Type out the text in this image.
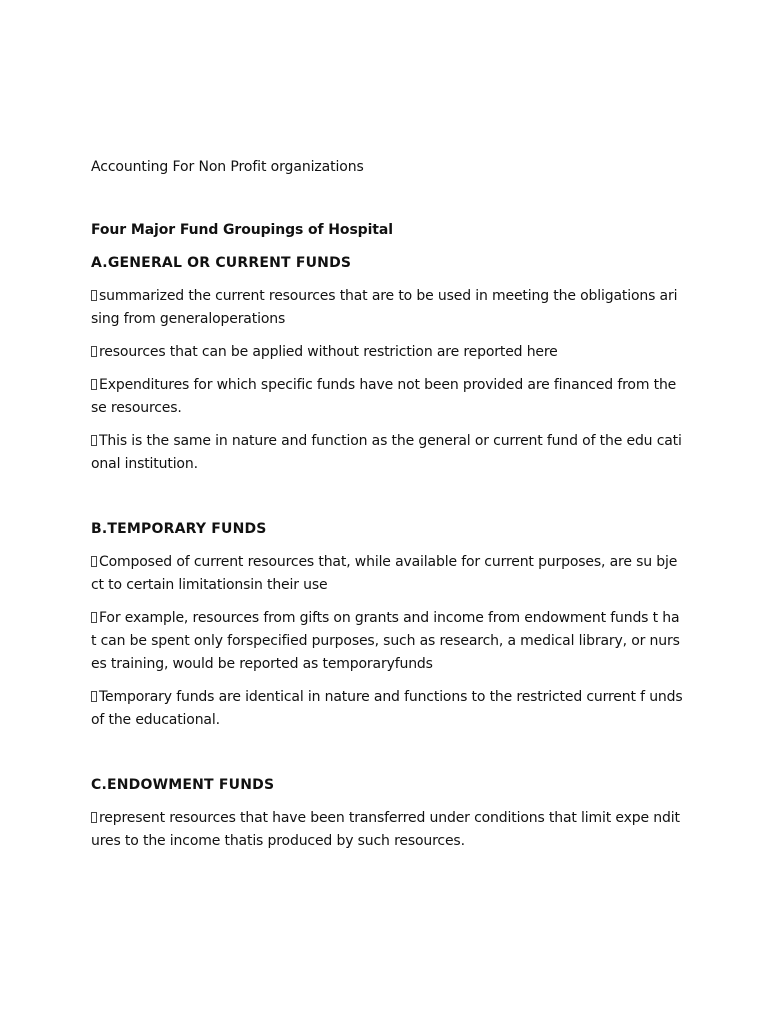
Accounting For Non Profit organizations
Four Major Fund Groupings of Hospital
A.GENERAL OR CURRENT FUNDS
summarized the current resources that are to be used in meeting the obligations arising from generaloperations
resources that can be applied without restriction are reported here
Expenditures for which specific funds have not been provided are financed from these resources.
This is the same in nature and function as the general or current fund of the edu cational institution.
B.TEMPORARY FUNDS
Composed of current resources that, while available for current purposes, are su bject to certain limitationsin their use
For example, resources from gifts on grants and income from endowment funds t hat can be spent only forspecified purposes, such as research, a medical library, or nurses training, would be reported as temporaryfunds
Temporary funds are identical in nature and functions to the restricted current f unds of the educational.
C.ENDOWMENT FUNDS
represent resources that have been transferred under conditions that limit expe nditures to the income thatis produced by such resources.
